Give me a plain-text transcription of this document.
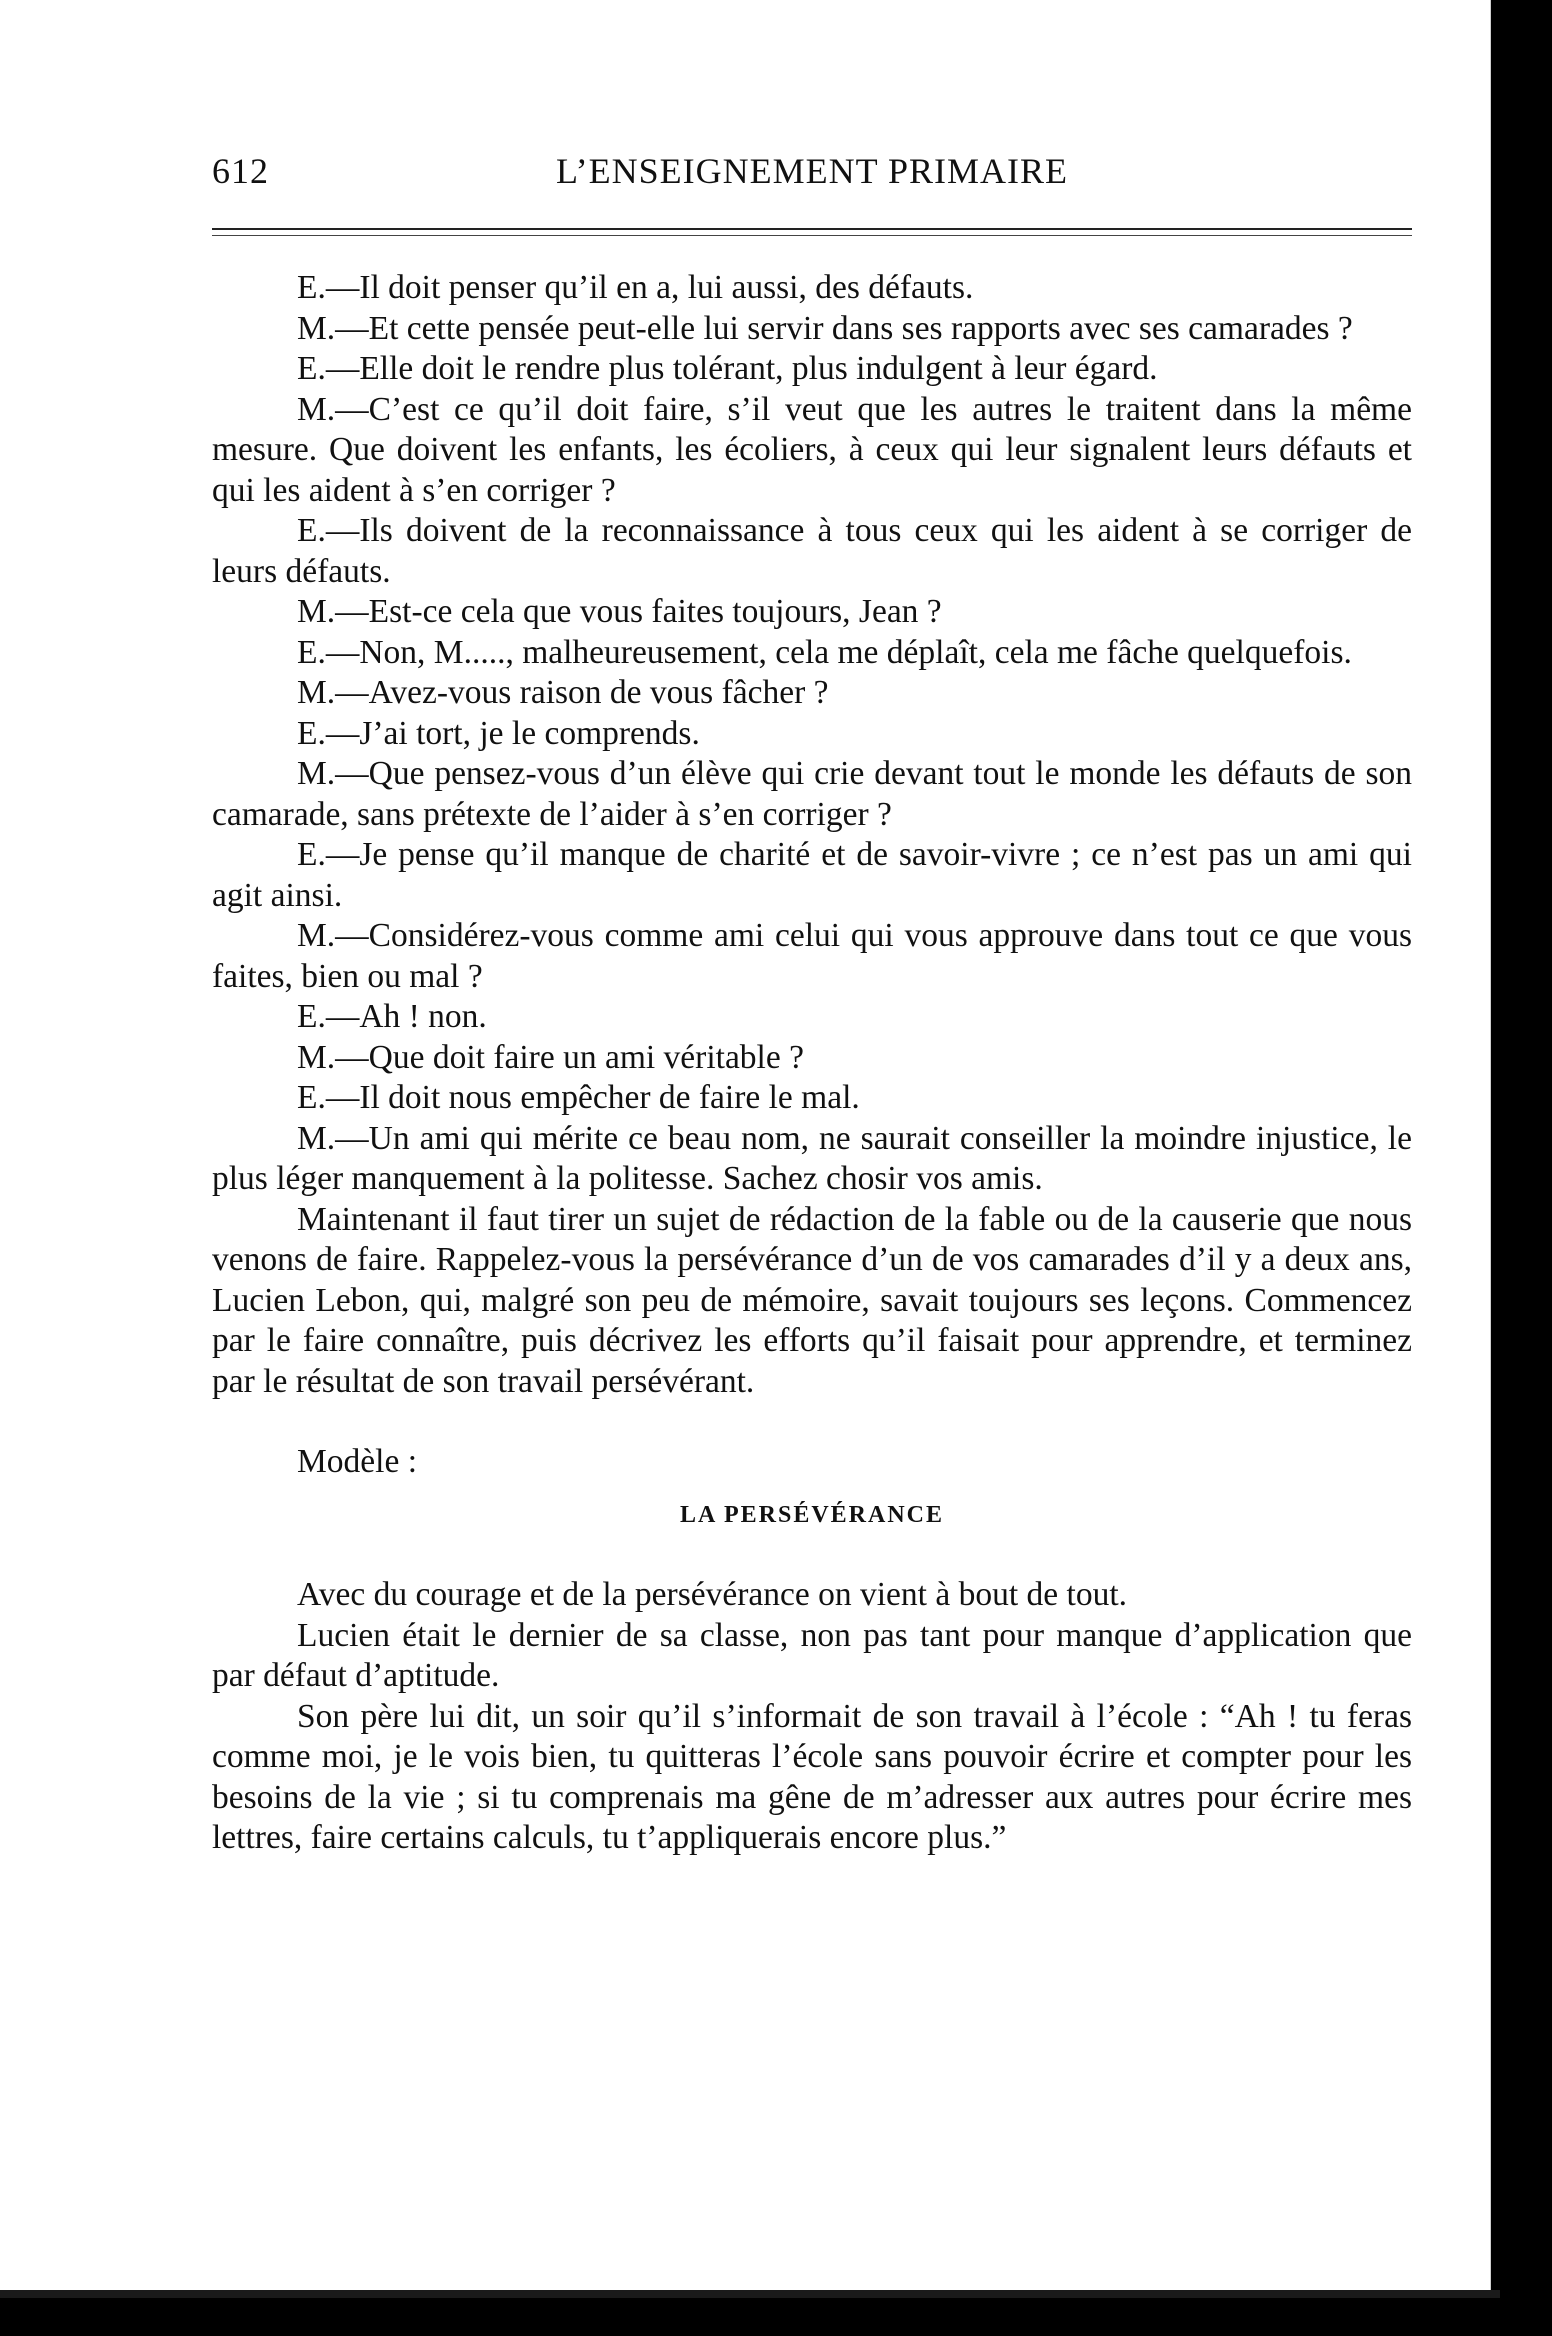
612	L’ENSEIGNEMENT PRIMAIRE

E.—Il doit penser qu’il en a, lui aussi, des défauts.

M.—Et cette pensée peut-elle lui servir dans ses rapports avec ses camarades ?

E.—Elle doit le rendre plus tolérant, plus indulgent à leur égard.

M.—C’est ce qu’il doit faire, s’il veut que les autres le traitent dans la même mesure. Que doivent les enfants, les écoliers, à ceux qui leur signalent leurs défauts et qui les aident à s’en corriger ?

E.—Ils doivent de la reconnaissance à tous ceux qui les aident à se corriger de leurs défauts.

M.—Est-ce cela que vous faites toujours, Jean ?

E.—Non, M....., malheureusement, cela me déplaît, cela me fâche quelquefois.

M.—Avez-vous raison de vous fâcher ?

E.—J’ai tort, je le comprends.

M.—Que pensez-vous d’un élève qui crie devant tout le monde les défauts de son camarade, sans prétexte de l’aider à s’en corriger ?

E.—Je pense qu’il manque de charité et de savoir-vivre ; ce n’est pas un ami qui agit ainsi.

M.—Considérez-vous comme ami celui qui vous approuve dans tout ce que vous faites, bien ou mal ?

E.—Ah ! non.

M.—Que doit faire un ami véritable ?

E.—Il doit nous empêcher de faire le mal.

M.—Un ami qui mérite ce beau nom, ne saurait conseiller la moindre injustice, le plus léger manquement à la politesse. Sachez chosir vos amis.

Maintenant il faut tirer un sujet de rédaction de la fable ou de la causerie que nous venons de faire. Rappelez-vous la persévérance d’un de vos camarades d’il y a deux ans, Lucien Lebon, qui, malgré son peu de mémoire, savait toujours ses leçons. Commencez par le faire connaître, puis décrivez les efforts qu’il faisait pour apprendre, et terminez par le résultat de son travail persévérant.

Modèle :

LA PERSÉVÉRANCE

Avec du courage et de la persévérance on vient à bout de tout.

Lucien était le dernier de sa classe, non pas tant pour manque d’application que par défaut d’aptitude.

Son père lui dit, un soir qu’il s’informait de son travail à l’école : “Ah ! tu feras comme moi, je le vois bien, tu quitteras l’école sans pouvoir écrire et compter pour les besoins de la vie ; si tu comprenais ma gêne de m’adresser aux autres pour écrire mes lettres, faire certains calculs, tu t’appliquerais encore plus.”
